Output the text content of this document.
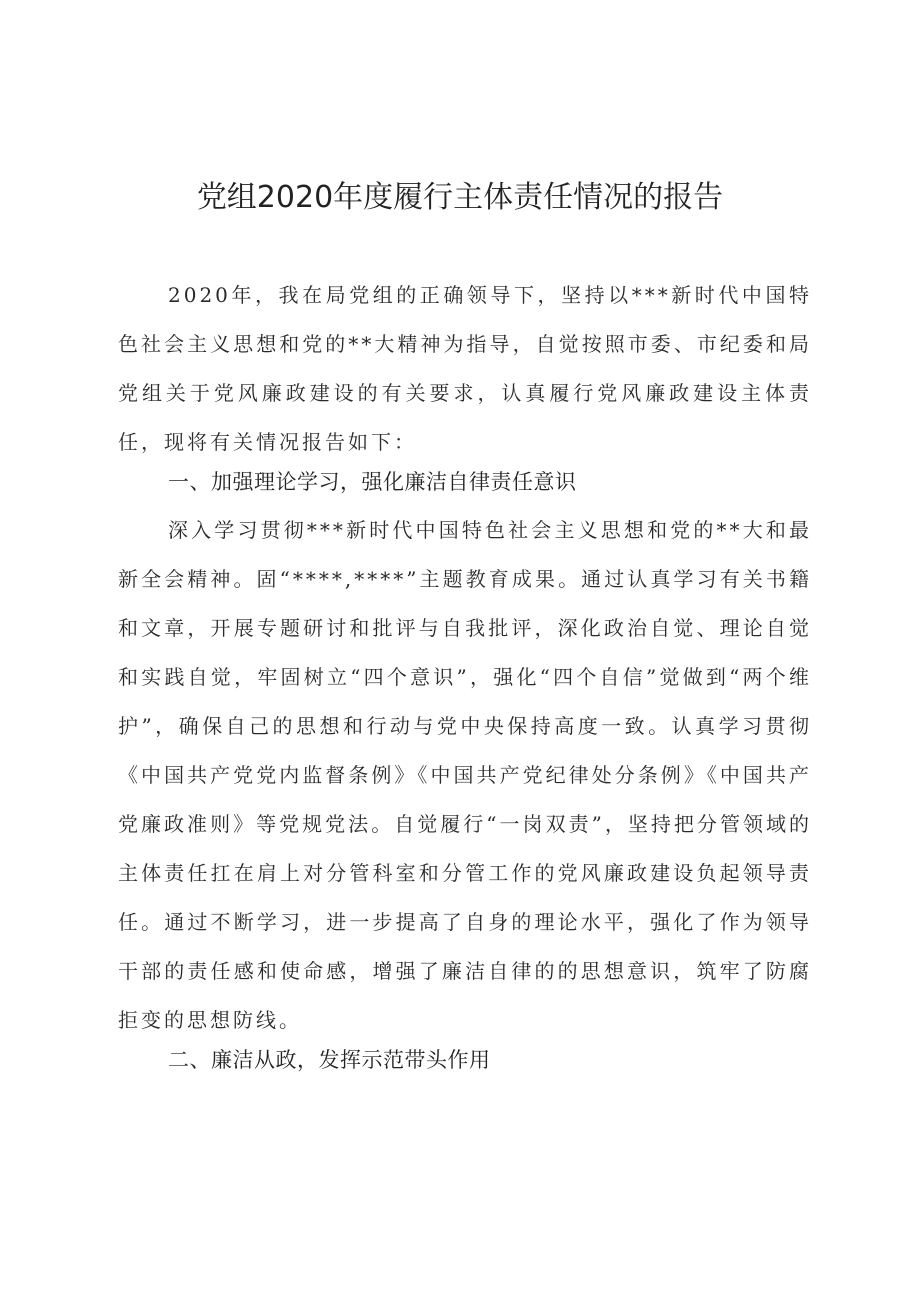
党组2020年度履行主体责任情况的报告

2020年，我在局党组的正确领导下，坚持以***新时代中国特色社会主义思想和党的**大精神为指导，自觉按照市委、市纪委和局党组关于党风廉政建设的有关要求，认真履行党风廉政建设主体责任，现将有关情况报告如下：

一、加强理论学习，强化廉洁自律责任意识

深入学习贯彻***新时代中国特色社会主义思想和党的**大和最新全会精神。固“****,****”主题教育成果。通过认真学习有关书籍和文章，开展专题研讨和批评与自我批评，深化政治自觉、理论自觉和实践自觉，牢固树立“四个意识”，强化“四个自信”觉做到“两个维护”，确保自己的思想和行动与党中央保持高度一致。认真学习贯彻《中国共产党党内监督条例》《中国共产党纪律处分条例》《中国共产党廉政准则》等党规党法。自觉履行“一岗双责”，坚持把分管领域的主体责任扛在肩上对分管科室和分管工作的党风廉政建设负起领导责任。通过不断学习，进一步提高了自身的理论水平，强化了作为领导干部的责任感和使命感，增强了廉洁自律的的思想意识，筑牢了防腐拒变的思想防线。

二、廉洁从政，发挥示范带头作用
